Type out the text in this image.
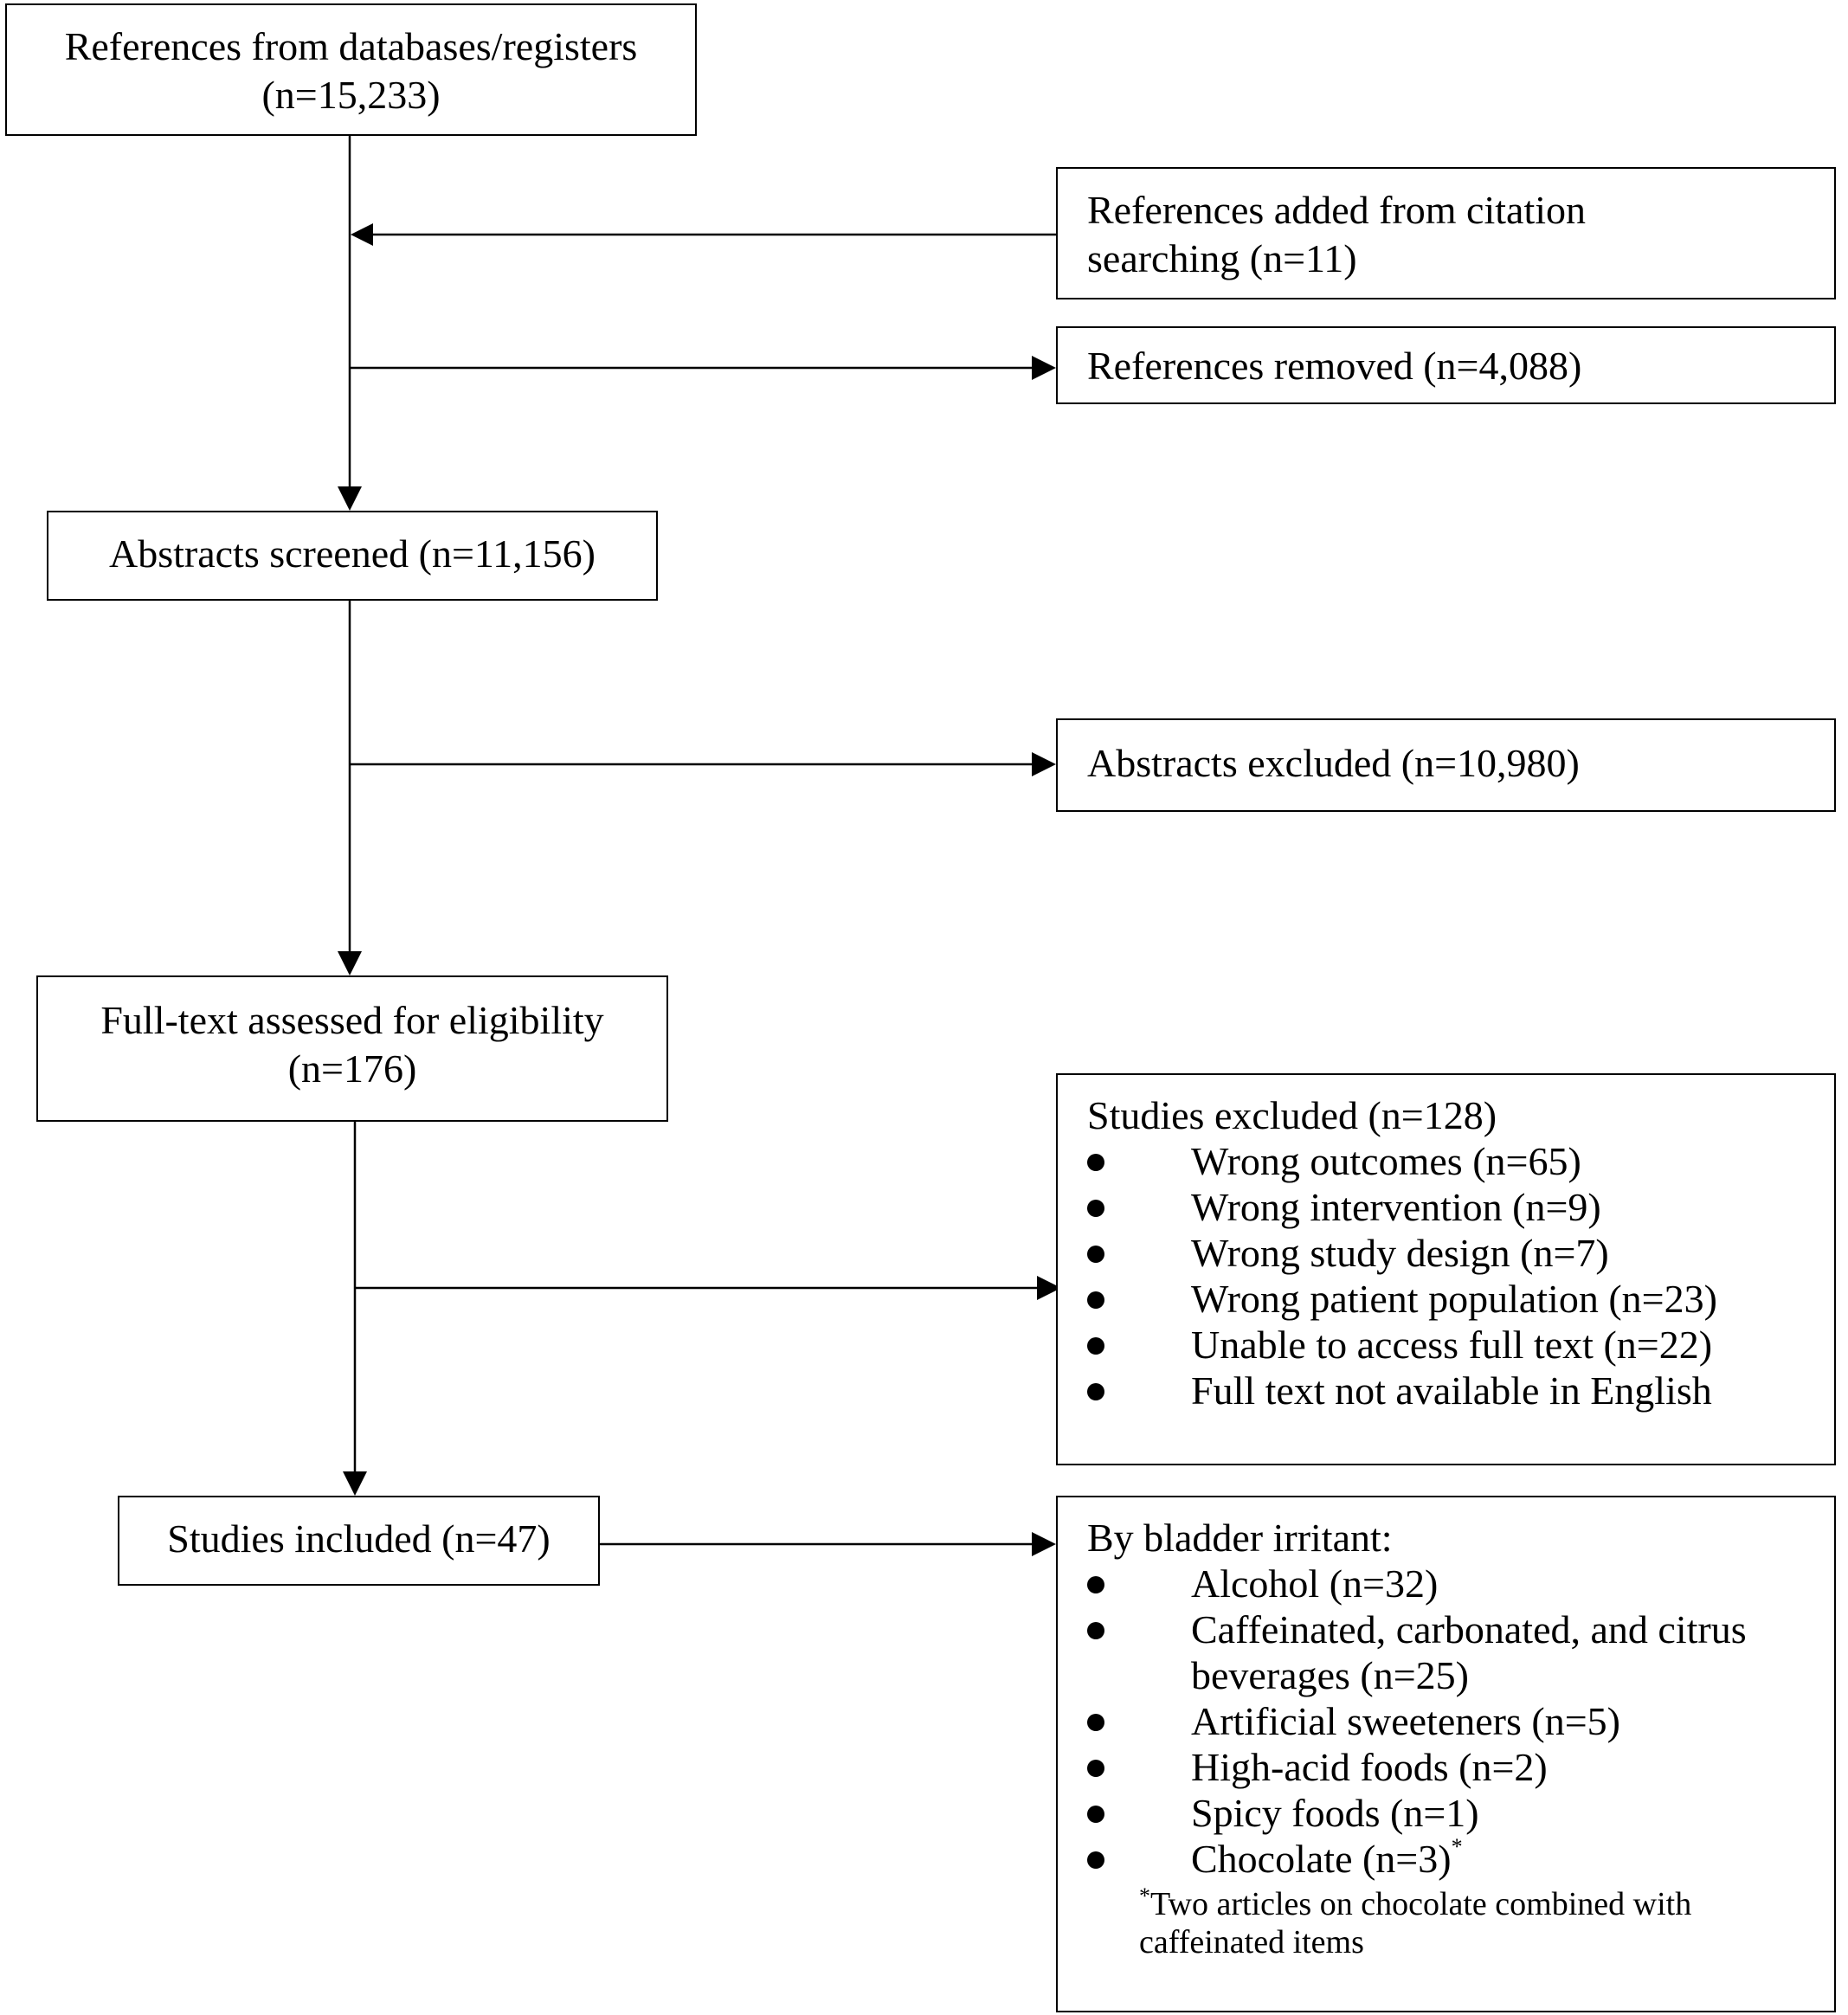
References from databases/registers
(n=15,233)
References added from citation
searching (n=11)
References removed (n=4,088)
Abstracts screened (n=11,156)
Abstracts excluded (n=10,980)
Full-text assessed for eligibility
(n=176)
Studies excluded (n=128)
Wrong outcomes (n=65)
Wrong intervention (n=9)
Wrong study design (n=7)
Wrong patient population (n=23)
Unable to access full text (n=22)
Full text not available in English
Studies included (n=47)	By bladder irritant:
Alcohol (n=32)
Caffeinated, carbonated, and citrus
beverages (n=25)
Artificial sweeteners (n=5)
High-acid foods (n=2)
Spicy foods (n=1)
Chocolate (n=3)*
*Two articles on chocolate combined with
caffeinated items
